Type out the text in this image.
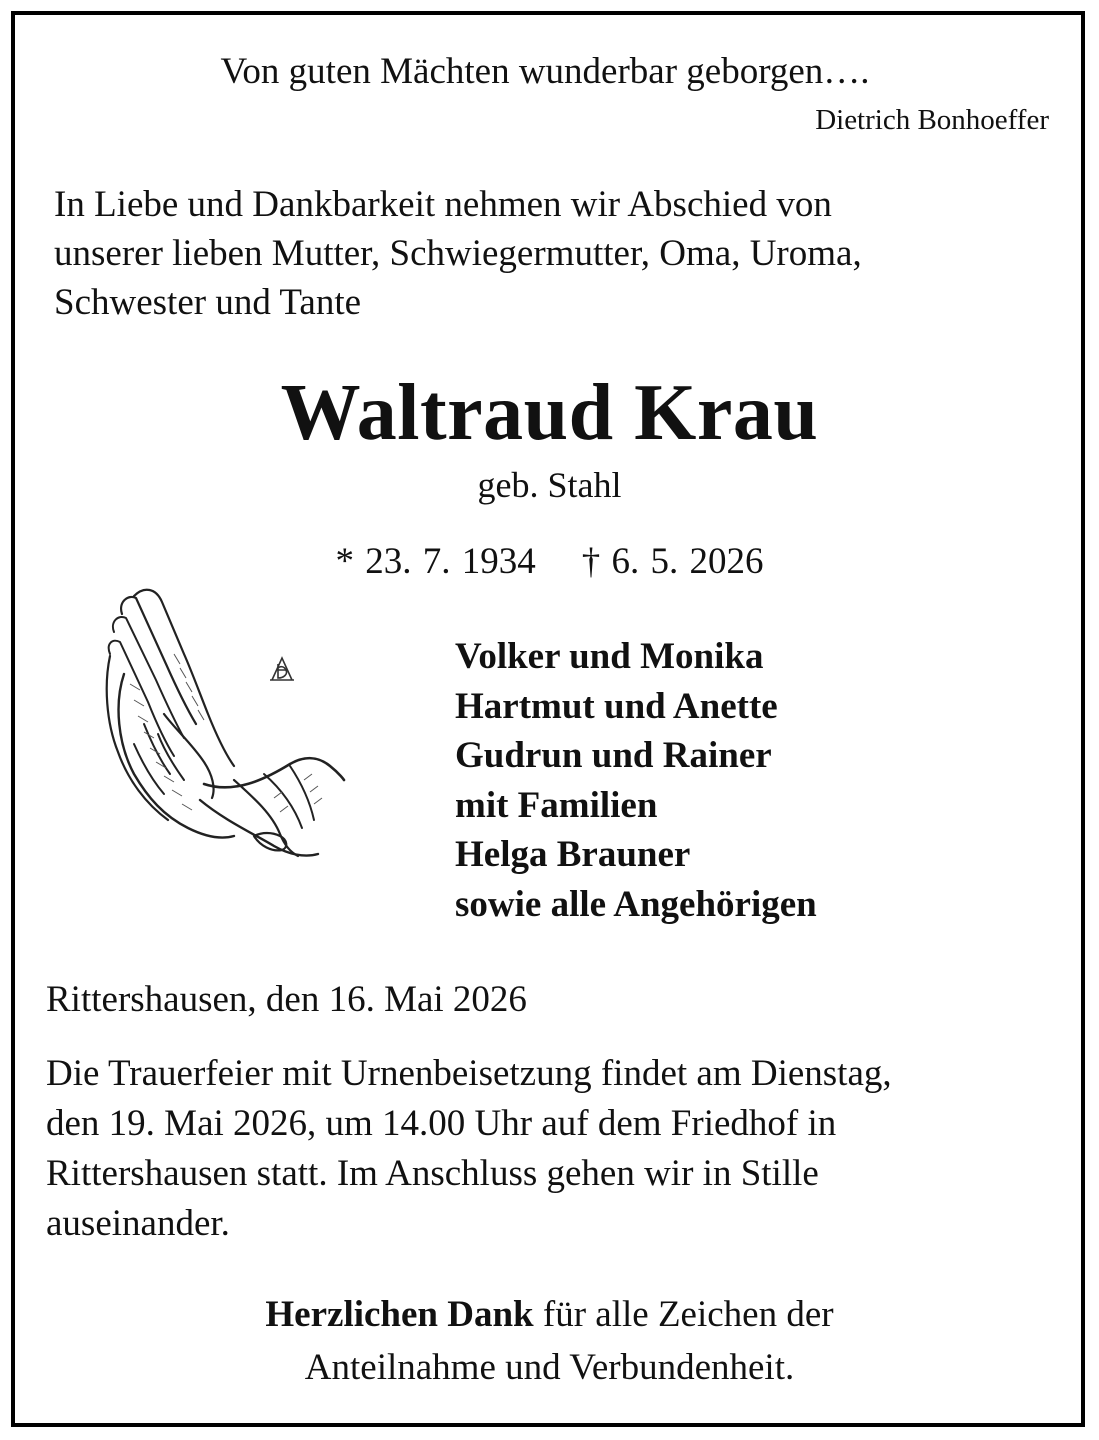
Von guten Mächten wunderbar geborgen….
Dietrich Bonhoeffer
In Liebe und Dankbarkeit nehmen wir Abschied von
unserer lieben Mutter, Schwiegermutter, Oma, Uroma,
Schwester und Tante
Waltraud Krau
geb. Stahl
* 23. 7. 1934 † 6. 5. 2026
Volker und Monika
Hartmut und Anette
Gudrun und Rainer
mit Familien
Helga Brauner
sowie alle Angehörigen
Rittershausen, den 16. Mai 2026
Die Trauerfeier mit Urnenbeisetzung findet am Dienstag,
den 19. Mai 2026, um 14.00 Uhr auf dem Friedhof in
Rittershausen statt. Im Anschluss gehen wir in Stille
auseinander.
Herzlichen Dank für alle Zeichen der
Anteilnahme und Verbundenheit.
